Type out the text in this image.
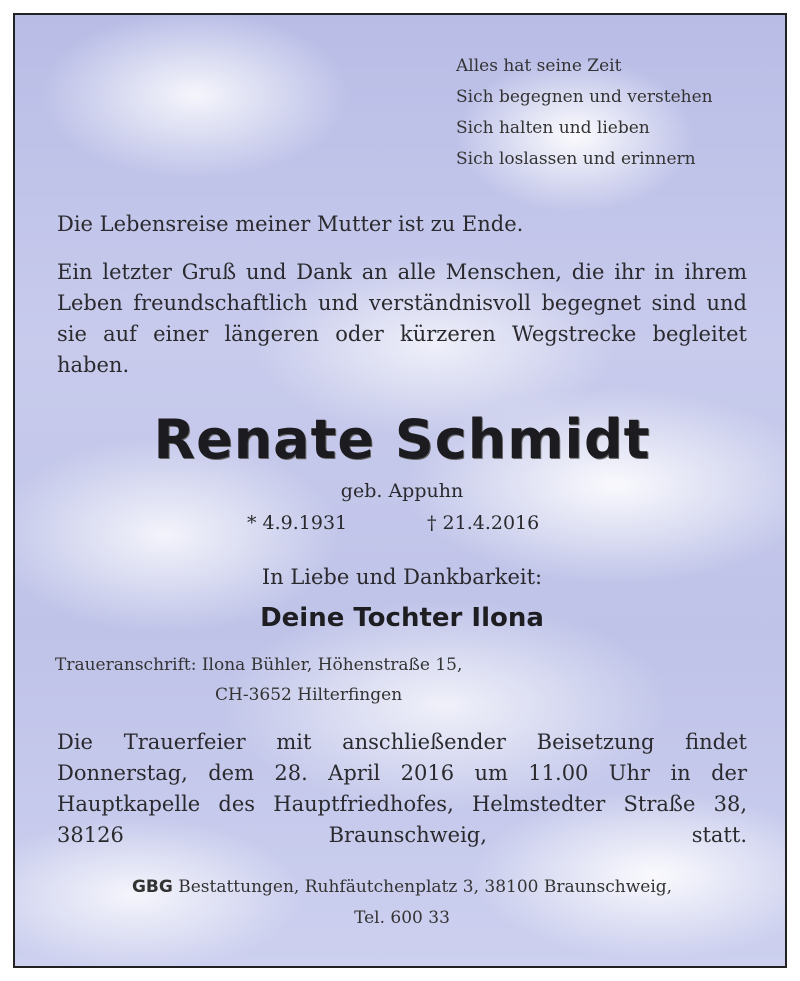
Alles hat seine Zeit
Sich begegnen und verstehen
Sich halten und lieben
Sich loslassen und erinnern
Die Lebensreise meiner Mutter ist zu Ende.
Ein letzter Gruß und Dank an alle Menschen, die ihr in ihrem Leben freundschaftlich und verständnisvoll begegnet sind und sie auf einer längeren oder kürzeren Wegstrecke begleitet haben.
Renate Schmidt
geb. Appuhn
* 4.9.1931	† 21.4.2016
In Liebe und Dankbarkeit:
Deine Tochter Ilona
Traueranschrift: Ilona Bühler, Höhenstraße 15,
CH-3652 Hilterfingen
Die Trauerfeier mit anschließender Beisetzung findet Donnerstag, dem 28. April 2016 um 11.00 Uhr in der Hauptkapelle des Hauptfriedhofes, Helmstedter Straße 38, 38126 Braunschweig, statt.
GBG Bestattungen, Ruhfäutchenplatz 3, 38100 Braunschweig,
Tel. 600 33
